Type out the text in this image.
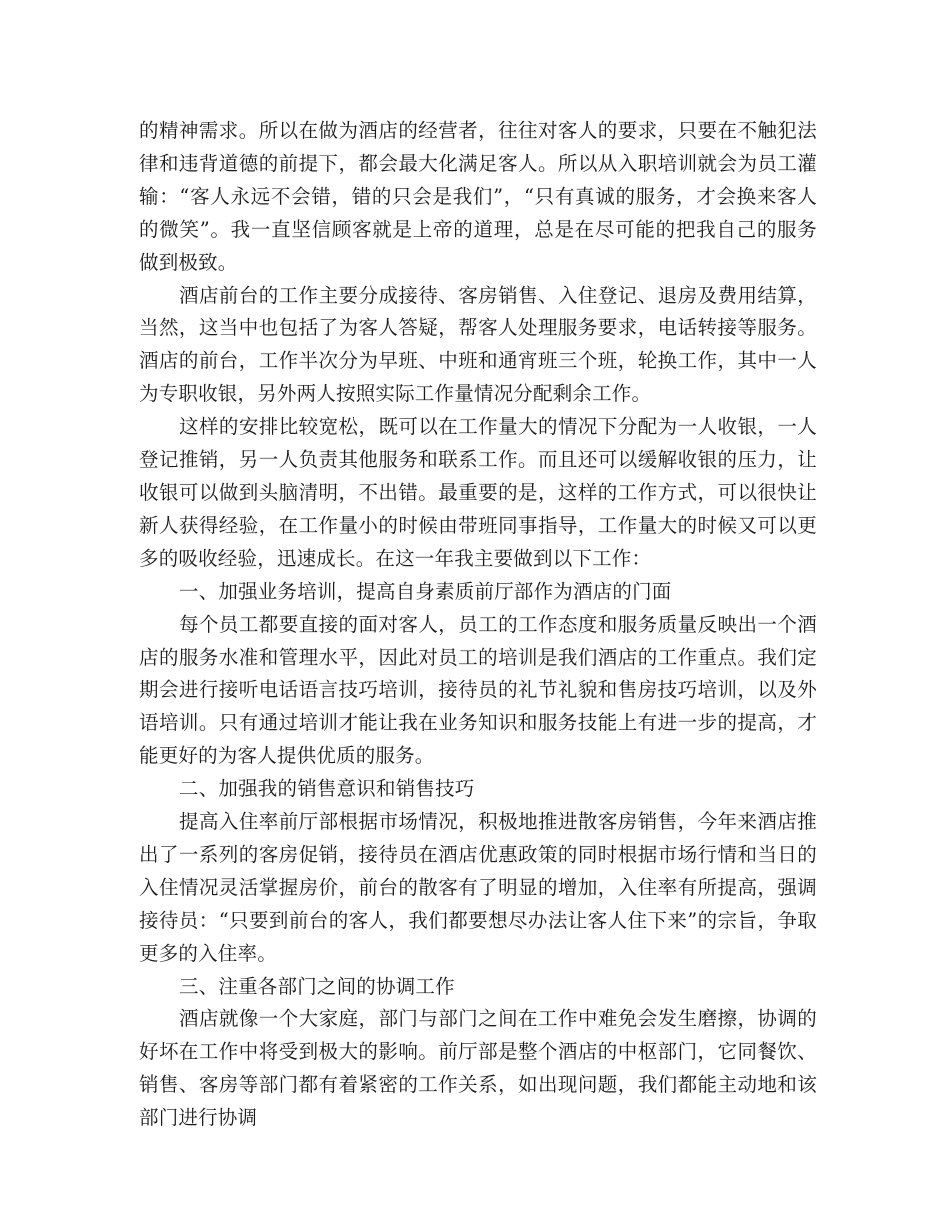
的精神需求。所以在做为酒店的经营者，往往对客人的要求，只要在不触犯法律和违背道德的前提下，都会最大化满足客人。所以从入职培训就会为员工灌输：“客人永远不会错，错的只会是我们”，“只有真诚的服务，才会换来客人的微笑”。我一直坚信顾客就是上帝的道理，总是在尽可能的把我自己的服务做到极致。

酒店前台的工作主要分成接待、客房销售、入住登记、退房及费用结算，当然，这当中也包括了为客人答疑，帮客人处理服务要求，电话转接等服务。酒店的前台，工作半次分为早班、中班和通宵班三个班，轮换工作，其中一人为专职收银，另外两人按照实际工作量情况分配剩余工作。

这样的安排比较宽松，既可以在工作量大的情况下分配为一人收银，一人登记推销，另一人负责其他服务和联系工作。而且还可以缓解收银的压力，让收银可以做到头脑清明，不出错。最重要的是，这样的工作方式，可以很快让新人获得经验，在工作量小的时候由带班同事指导，工作量大的时候又可以更多的吸收经验，迅速成长。在这一年我主要做到以下工作：

一、加强业务培训，提高自身素质前厅部作为酒店的门面

每个员工都要直接的面对客人，员工的工作态度和服务质量反映出一个酒店的服务水准和管理水平，因此对员工的培训是我们酒店的工作重点。我们定期会进行接听电话语言技巧培训，接待员的礼节礼貌和售房技巧培训，以及外语培训。只有通过培训才能让我在业务知识和服务技能上有进一步的提高，才能更好的为客人提供优质的服务。

二、加强我的销售意识和销售技巧

提高入住率前厅部根据市场情况，积极地推进散客房销售，今年来酒店推出了一系列的客房促销，接待员在酒店优惠政策的同时根据市场行情和当日的入住情况灵活掌握房价，前台的散客有了明显的增加，入住率有所提高，强调接待员：“只要到前台的客人，我们都要想尽办法让客人住下来”的宗旨，争取更多的入住率。

三、注重各部门之间的协调工作

酒店就像一个大家庭，部门与部门之间在工作中难免会发生磨擦，协调的好坏在工作中将受到极大的影响。前厅部是整个酒店的中枢部门，它同餐饮、销售、客房等部门都有着紧密的工作关系，如出现问题，我们都能主动地和该部门进行协调
